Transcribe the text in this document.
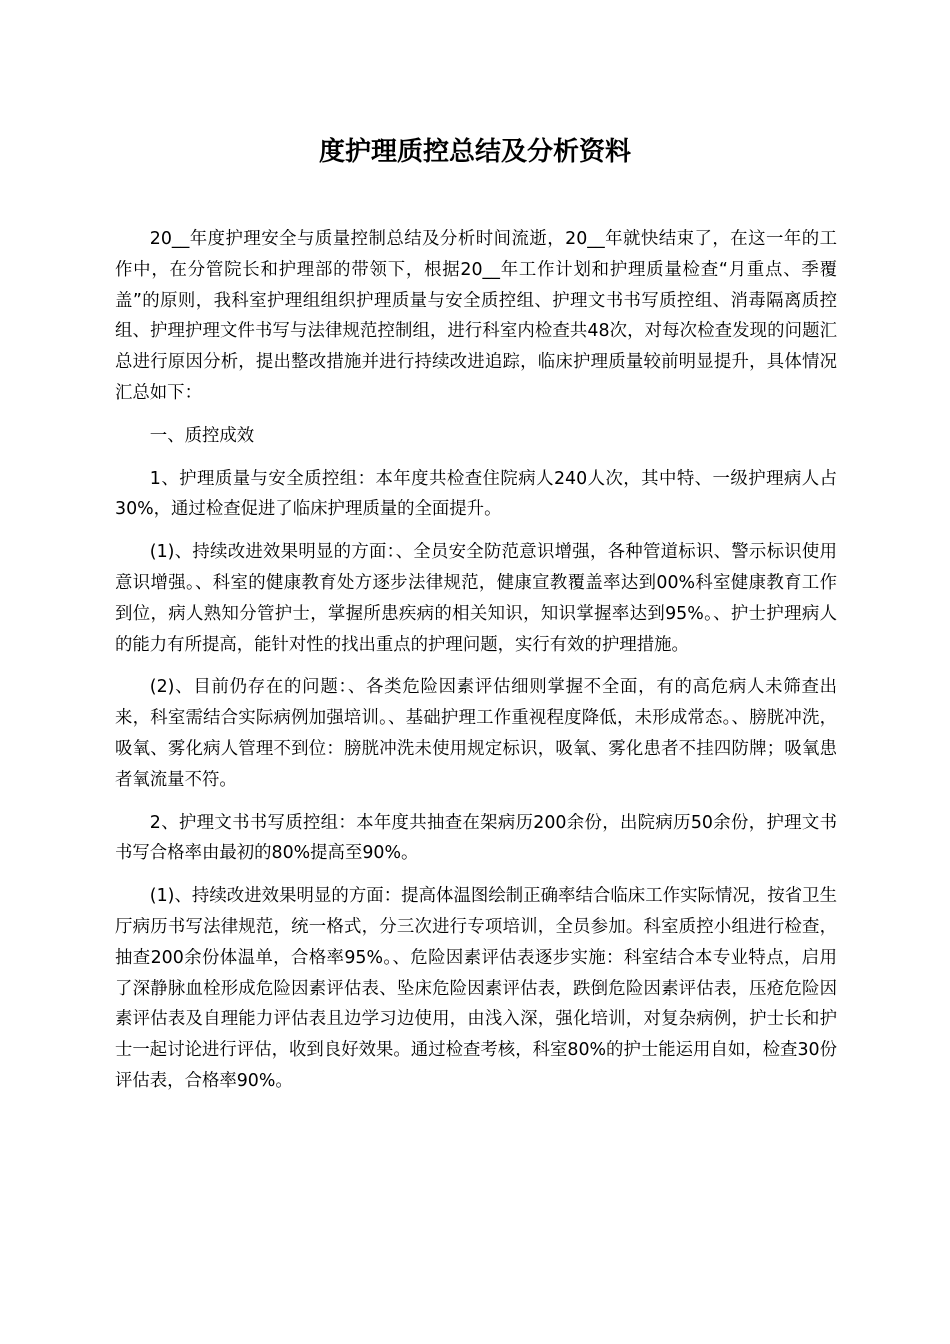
度护理质控总结及分析资料

20__年度护理安全与质量控制总结及分析时间流逝，20__年就快结束了，在这一年的工作中，在分管院长和护理部的带领下，根据20__年工作计划和护理质量检查“月重点、季覆盖”的原则，我科室护理组组织护理质量与安全质控组、护理文书书写质控组、消毒隔离质控组、护理护理文件书写与法律规范控制组，进行科室内检查共48次，对每次检查发现的问题汇总进行原因分析，提出整改措施并进行持续改进追踪，临床护理质量较前明显提升，具体情况汇总如下：

一、质控成效

1、护理质量与安全质控组：本年度共检查住院病人240人次，其中特、一级护理病人占30%，通过检查促进了临床护理质量的全面提升。

(1)、持续改进效果明显的方面：、全员安全防范意识增强，各种管道标识、警示标识使用意识增强。、科室的健康教育处方逐步法律规范，健康宣教覆盖率达到00%科室健康教育工作到位，病人熟知分管护士，掌握所患疾病的相关知识，知识掌握率达到95%。、护士护理病人的能力有所提高，能针对性的找出重点的护理问题，实行有效的护理措施。

(2)、目前仍存在的问题：、各类危险因素评估细则掌握不全面，有的高危病人未筛查出来，科室需结合实际病例加强培训。、基础护理工作重视程度降低，未形成常态。、膀胱冲洗，吸氧、雾化病人管理不到位：膀胱冲洗未使用规定标识，吸氧、雾化患者不挂四防牌；吸氧患者氧流量不符。

2、护理文书书写质控组：本年度共抽查在架病历200余份，出院病历50余份，护理文书书写合格率由最初的80%提高至90%。

(1)、持续改进效果明显的方面：提高体温图绘制正确率结合临床工作实际情况，按省卫生厅病历书写法律规范，统一格式，分三次进行专项培训，全员参加。科室质控小组进行检查，抽查200余份体温单，合格率95%。、危险因素评估表逐步实施：科室结合本专业特点，启用了深静脉血栓形成危险因素评估表、坠床危险因素评估表，跌倒危险因素评估表，压疮危险因素评估表及自理能力评估表且边学习边使用，由浅入深，强化培训，对复杂病例，护士长和护士一起讨论进行评估，收到良好效果。通过检查考核，科室80%的护士能运用自如，检查30份评估表，合格率90%。
